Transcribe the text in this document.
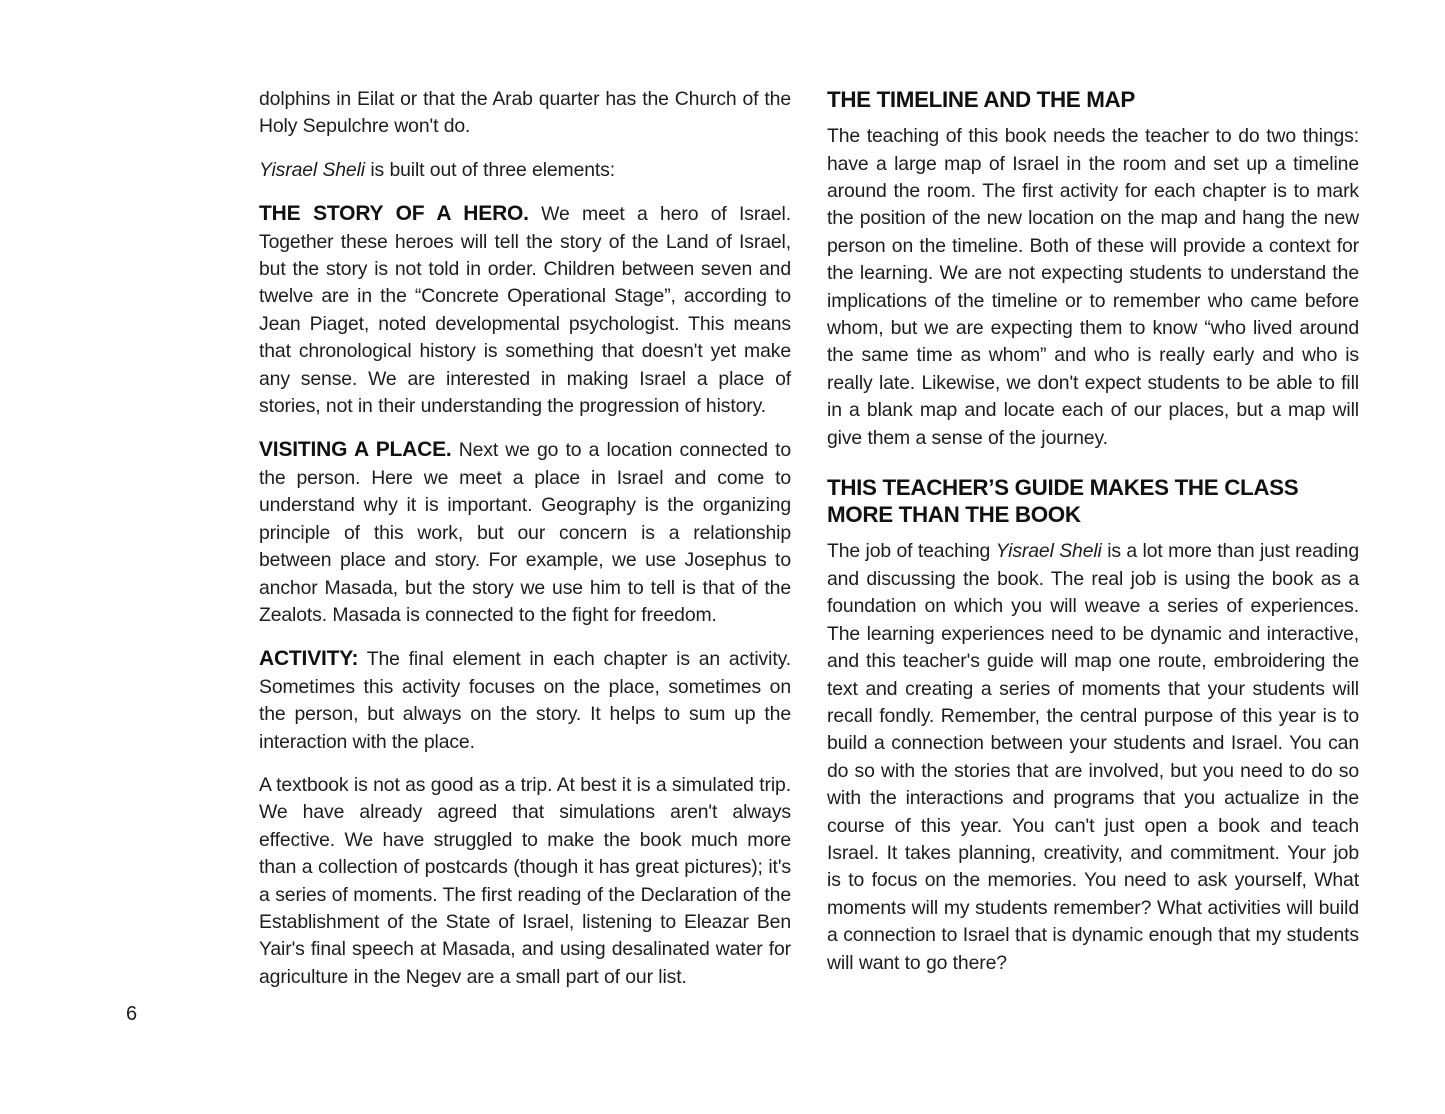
dolphins in Eilat or that the Arab quarter has the Church of the Holy Sepulchre won't do.

Yisrael Sheli is built out of three elements:

THE STORY OF A HERO. We meet a hero of Israel. Together these heroes will tell the story of the Land of Israel, but the story is not told in order. Children between seven and twelve are in the “Concrete Operational Stage”, according to Jean Piaget, noted developmental psychologist. This means that chronological history is something that doesn't yet make any sense. We are interested in making Israel a place of stories, not in their understanding the progression of history.

VISITING A PLACE. Next we go to a location connected to the person. Here we meet a place in Israel and come to understand why it is important. Geography is the organizing principle of this work, but our concern is a relationship between place and story. For example, we use Josephus to anchor Masada, but the story we use him to tell is that of the Zealots. Masada is connected to the fight for freedom.

ACTIVITY: The final element in each chapter is an activity. Sometimes this activity focuses on the place, sometimes on the person, but always on the story. It helps to sum up the interaction with the place.

A textbook is not as good as a trip. At best it is a simulated trip. We have already agreed that simulations aren't always effective. We have struggled to make the book much more than a collection of postcards (though it has great pictures); it's a series of moments. The first reading of the Declaration of the Establishment of the State of Israel, listening to Eleazar Ben Yair's final speech at Masada, and using desalinated water for agriculture in the Negev are a small part of our list.

THE TIMELINE AND THE MAP

The teaching of this book needs the teacher to do two things: have a large map of Israel in the room and set up a timeline around the room. The first activity for each chapter is to mark the position of the new location on the map and hang the new person on the timeline. Both of these will provide a context for the learning. We are not expecting students to understand the implications of the timeline or to remember who came before whom, but we are expecting them to know “who lived around the same time as whom” and who is really early and who is really late. Likewise, we don't expect students to be able to fill in a blank map and locate each of our places, but a map will give them a sense of the journey.

THIS TEACHER’S GUIDE MAKES THE CLASS
MORE THAN THE BOOK

The job of teaching Yisrael Sheli is a lot more than just reading and discussing the book. The real job is using the book as a foundation on which you will weave a series of experiences. The learning experiences need to be dynamic and interactive, and this teacher's guide will map one route, embroidering the text and creating a series of moments that your students will recall fondly. Remember, the central purpose of this year is to build a connection between your students and Israel. You can do so with the stories that are involved, but you need to do so with the interactions and programs that you actualize in the course of this year. You can't just open a book and teach Israel. It takes planning, creativity, and commitment. Your job is to focus on the memories. You need to ask yourself, What moments will my students remember? What activities will build a connection to Israel that is dynamic enough that my students will want to go there?

6
